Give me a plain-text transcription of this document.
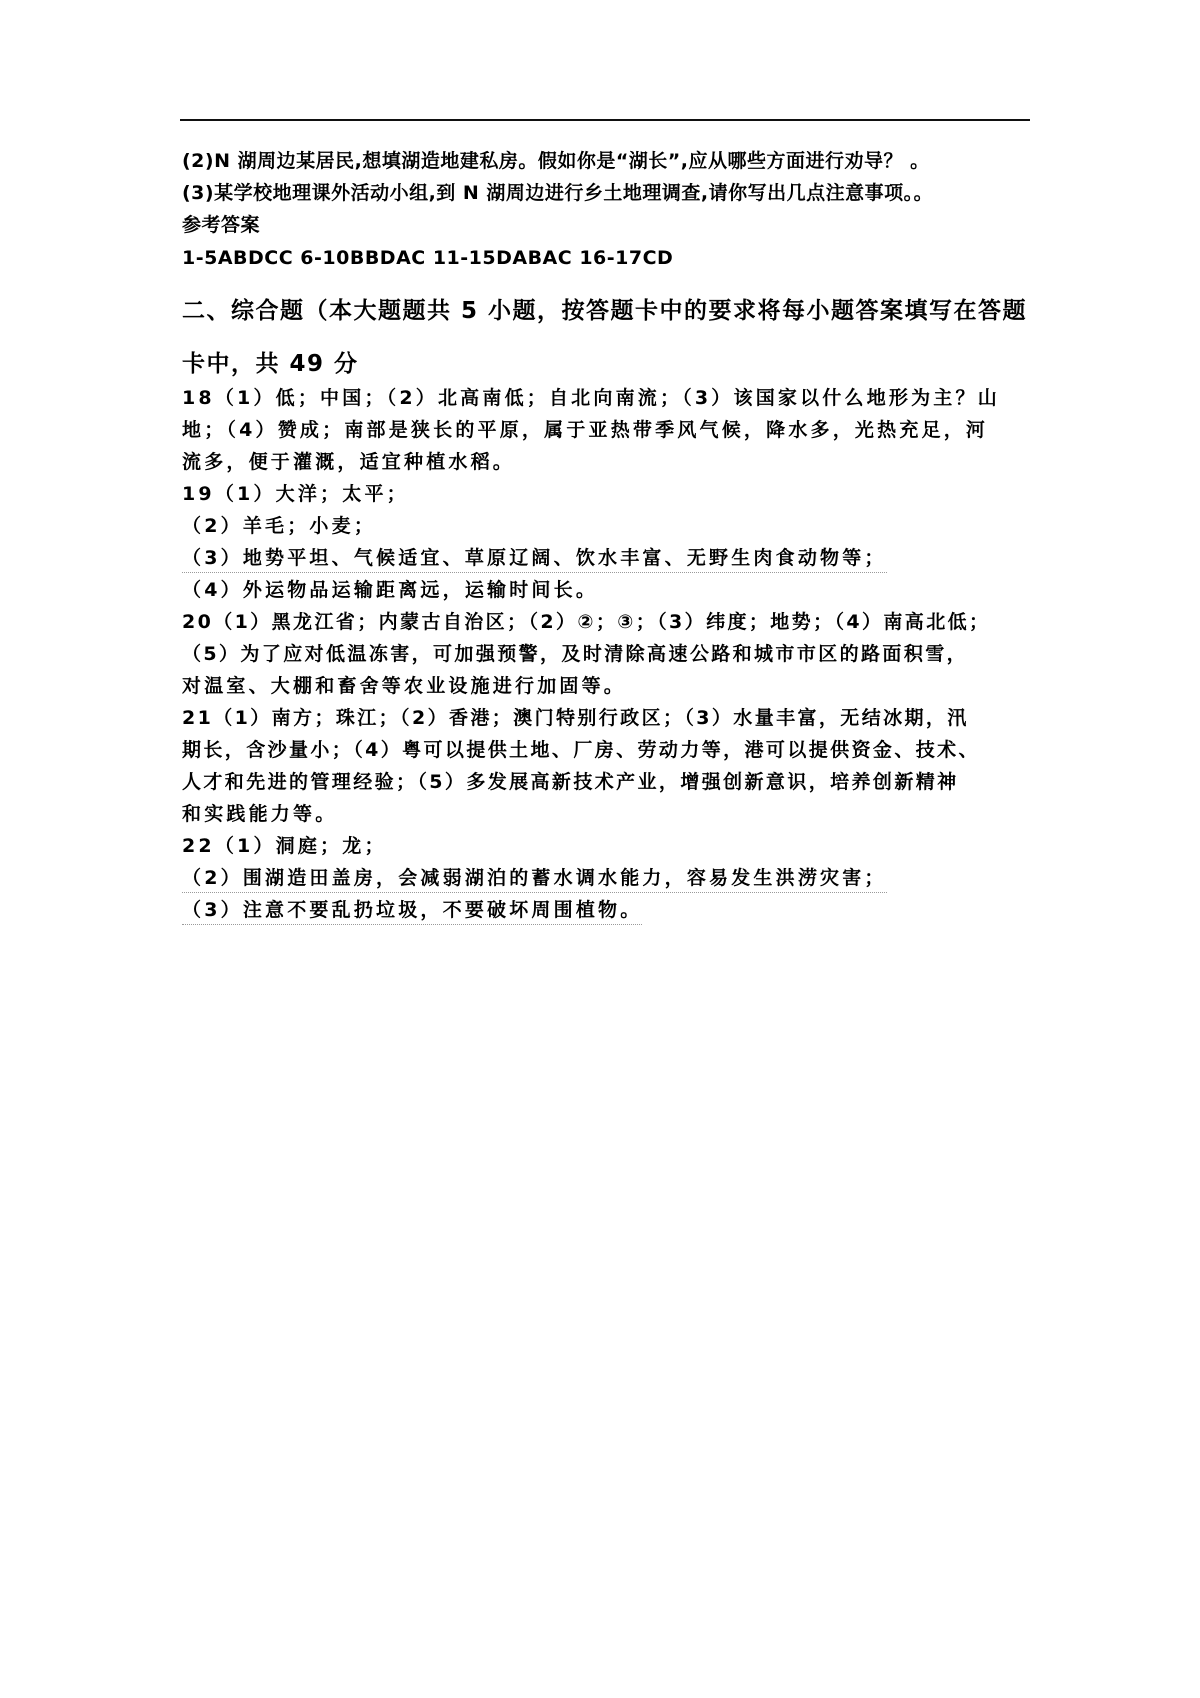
(2)N 湖周边某居民,想填湖造地建私房。假如你是“湖长”,应从哪些方面进行劝导？ 。
(3)某学校地理课外活动小组,到 N 湖周边进行乡土地理调查,请你写出几点注意事项。。
参考答案
1-5ABDCC 6-10BBDAC 11-15DABAC 16-17CD
二、综合题（本大题题共 5 小题，按答题卡中的要求将每小题答案填写在答题
卡中，共 49 分
18（1）低；中国；（2）北高南低；自北向南流；（3）该国家以什么地形为主？山
地；（4）赞成；南部是狭长的平原，属于亚热带季风气候，降水多，光热充足，河
流多，便于灌溉，适宜种植水稻。
19（1）大洋；太平；
（2）羊毛；小麦；
（3）地势平坦、气候适宜、草原辽阔、饮水丰富、无野生肉食动物等；
（4）外运物品运输距离远，运输时间长。
20（1）黑龙江省；内蒙古自治区；（2）②；③；（3）纬度；地势；（4）南高北低；
（5）为了应对低温冻害，可加强预警，及时清除高速公路和城市市区的路面积雪，
对温室、大棚和畜舍等农业设施进行加固等。
21（1）南方；珠江；（2）香港；澳门特别行政区；（3）水量丰富，无结冰期，汛
期长，含沙量小；（4）粤可以提供土地、厂房、劳动力等，港可以提供资金、技术、
人才和先进的管理经验；（5）多发展高新技术产业，增强创新意识，培养创新精神
和实践能力等。
22（1）洞庭；龙；
（2）围湖造田盖房，会减弱湖泊的蓄水调水能力，容易发生洪涝灾害；
（3）注意不要乱扔垃圾，不要破坏周围植物。
